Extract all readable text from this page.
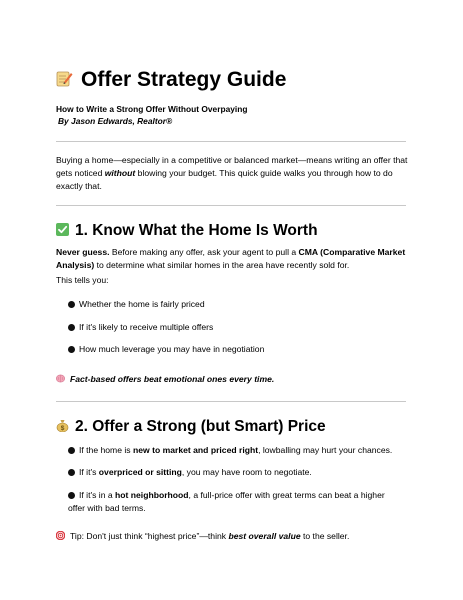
Offer Strategy Guide
How to Write a Strong Offer Without Overpaying
By Jason Edwards, Realtor®
Buying a home—especially in a competitive or balanced market—means writing an offer that gets noticed without blowing your budget. This quick guide walks you through how to do exactly that.
1. Know What the Home Is Worth
Never guess. Before making any offer, ask your agent to pull a CMA (Comparative Market Analysis) to determine what similar homes in the area have recently sold for.
This tells you:
Whether the home is fairly priced
If it's likely to receive multiple offers
How much leverage you may have in negotiation
Fact-based offers beat emotional ones every time.
$ 2. Offer a Strong (but Smart) Price
If the home is new to market and priced right, lowballing may hurt your chances.
If it's overpriced or sitting, you may have room to negotiate.
If it's in a hot neighborhood, a full-price offer with great terms can beat a higher offer with bad terms.
Tip: Don't just think “highest price”—think best overall value to the seller.
